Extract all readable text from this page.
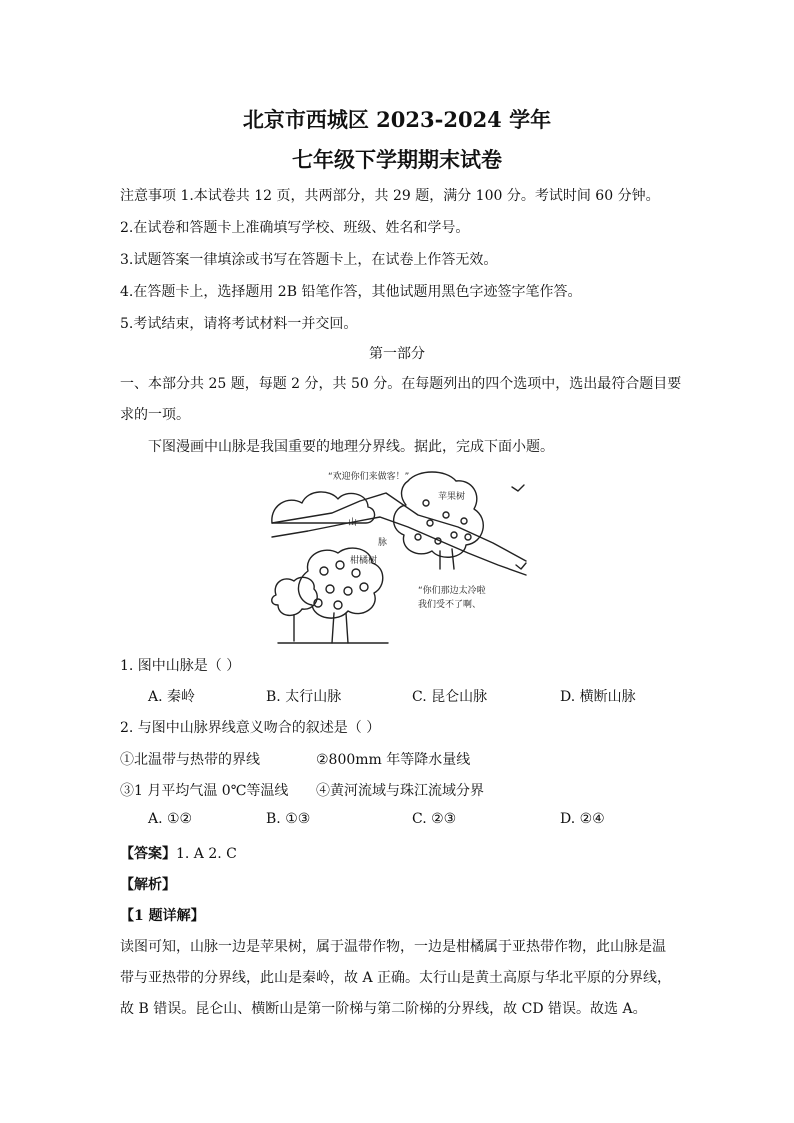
北京市西城区 2023-2024 学年
七年级下学期期末试卷
注意事项 1.本试卷共 12 页，共两部分，共 29 题，满分 100 分。考试时间 60 分钟。
2.在试卷和答题卡上准确填写学校、班级、姓名和学号。
3.试题答案一律填涂或书写在答题卡上，在试卷上作答无效。
4.在答题卡上，选择题用 2B 铅笔作答，其他试题用黑色字迹签字笔作答。
5.考试结束，请将考试材料一并交回。
第一部分
一、本部分共 25 题，每题 2 分，共 50 分。在每题列出的四个选项中，选出最符合题目要
求的一项。
下图漫画中山脉是我国重要的地理分界线。据此，完成下面小题。
“欢迎你们来做客！”
苹果树
山
脉
柑橘树
“你们那边太冷啦
我们受不了啊、
1. 图中山脉是（ ）
A. 秦岭	B. 太行山脉	C. 昆仑山脉	D. 横断山脉
2. 与图中山脉界线意义吻合的叙述是（ ）
①北温带与热带的界线	②800mm 年等降水量线
③1 月平均气温 0℃等温线 ④黄河流域与珠江流域分界
A. ①②	B. ①③	C. ②③	D. ②④
【答案】1. A 2. C
【解析】
【1 题详解】
读图可知，山脉一边是苹果树，属于温带作物，一边是柑橘属于亚热带作物，此山脉是温
带与亚热带的分界线，此山是秦岭，故 A 正确。太行山是黄土高原与华北平原的分界线，
故 B 错误。昆仑山、横断山是第一阶梯与第二阶梯的分界线，故 CD 错误。故选 A。
